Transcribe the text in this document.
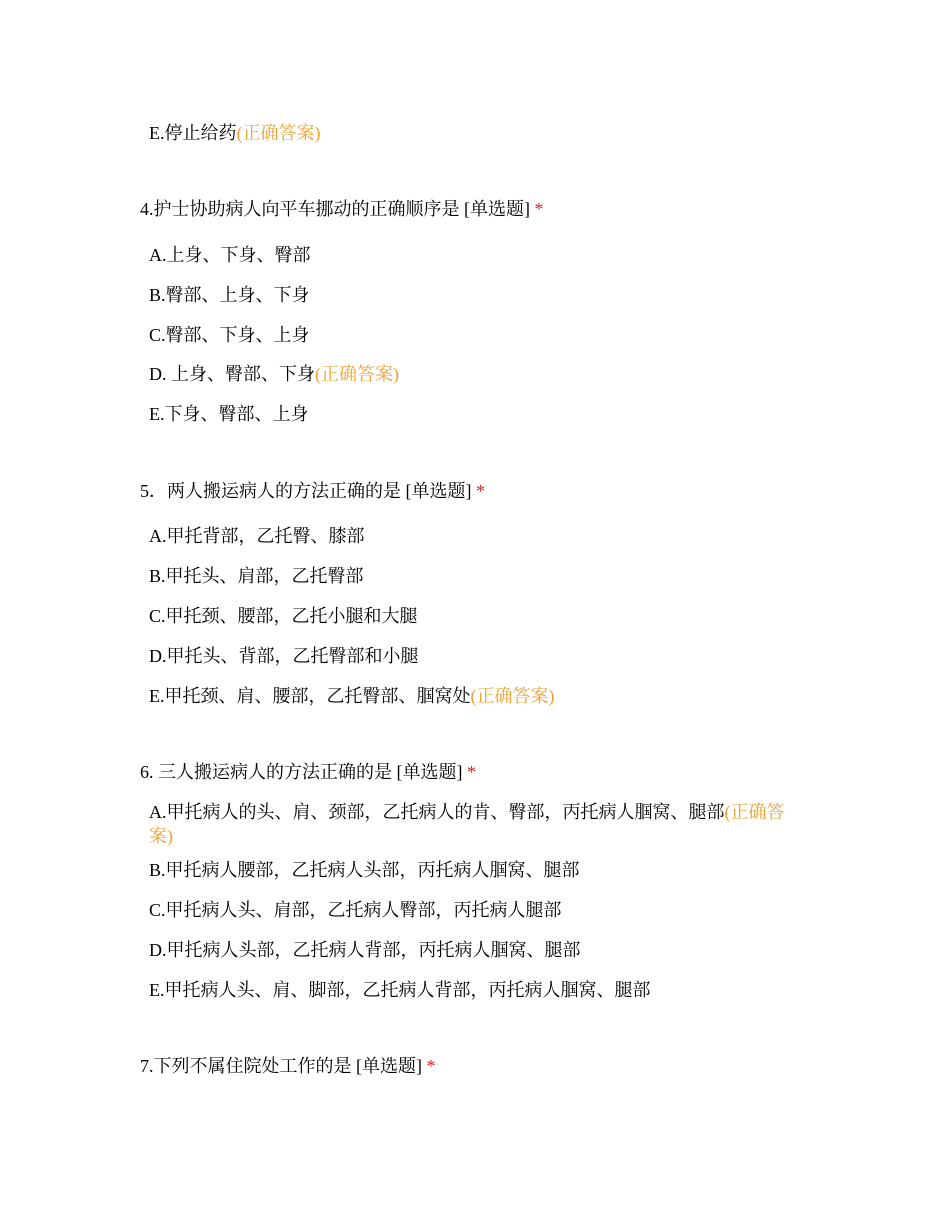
E.停止给药(正确答案)
4.护士协助病人向平车挪动的正确顺序是 [单选题] *
A.上身、下身、臀部
B.臀部、上身、下身
C.臀部、下身、上身
D. 上身、臀部、下身(正确答案)
E.下身、臀部、上身
5．两人搬运病人的方法正确的是 [单选题] *
A.甲托背部，乙托臀、膝部
B.甲托头、肩部，乙托臀部
C.甲托颈、腰部，乙托小腿和大腿
D.甲托头、背部，乙托臀部和小腿
E.甲托颈、肩、腰部，乙托臀部、腘窝处(正确答案)
6. 三人搬运病人的方法正确的是 [单选题] *
A.甲托病人的头、肩、颈部，乙托病人的肯、臀部，丙托病人腘窝、腿部(正确答案)
B.甲托病人腰部，乙托病人头部，丙托病人腘窝、腿部
C.甲托病人头、肩部，乙托病人臀部，丙托病人腿部
D.甲托病人头部，乙托病人背部，丙托病人腘窝、腿部
E.甲托病人头、肩、脚部，乙托病人背部，丙托病人腘窝、腿部
7.下列不属住院处工作的是 [单选题] *
